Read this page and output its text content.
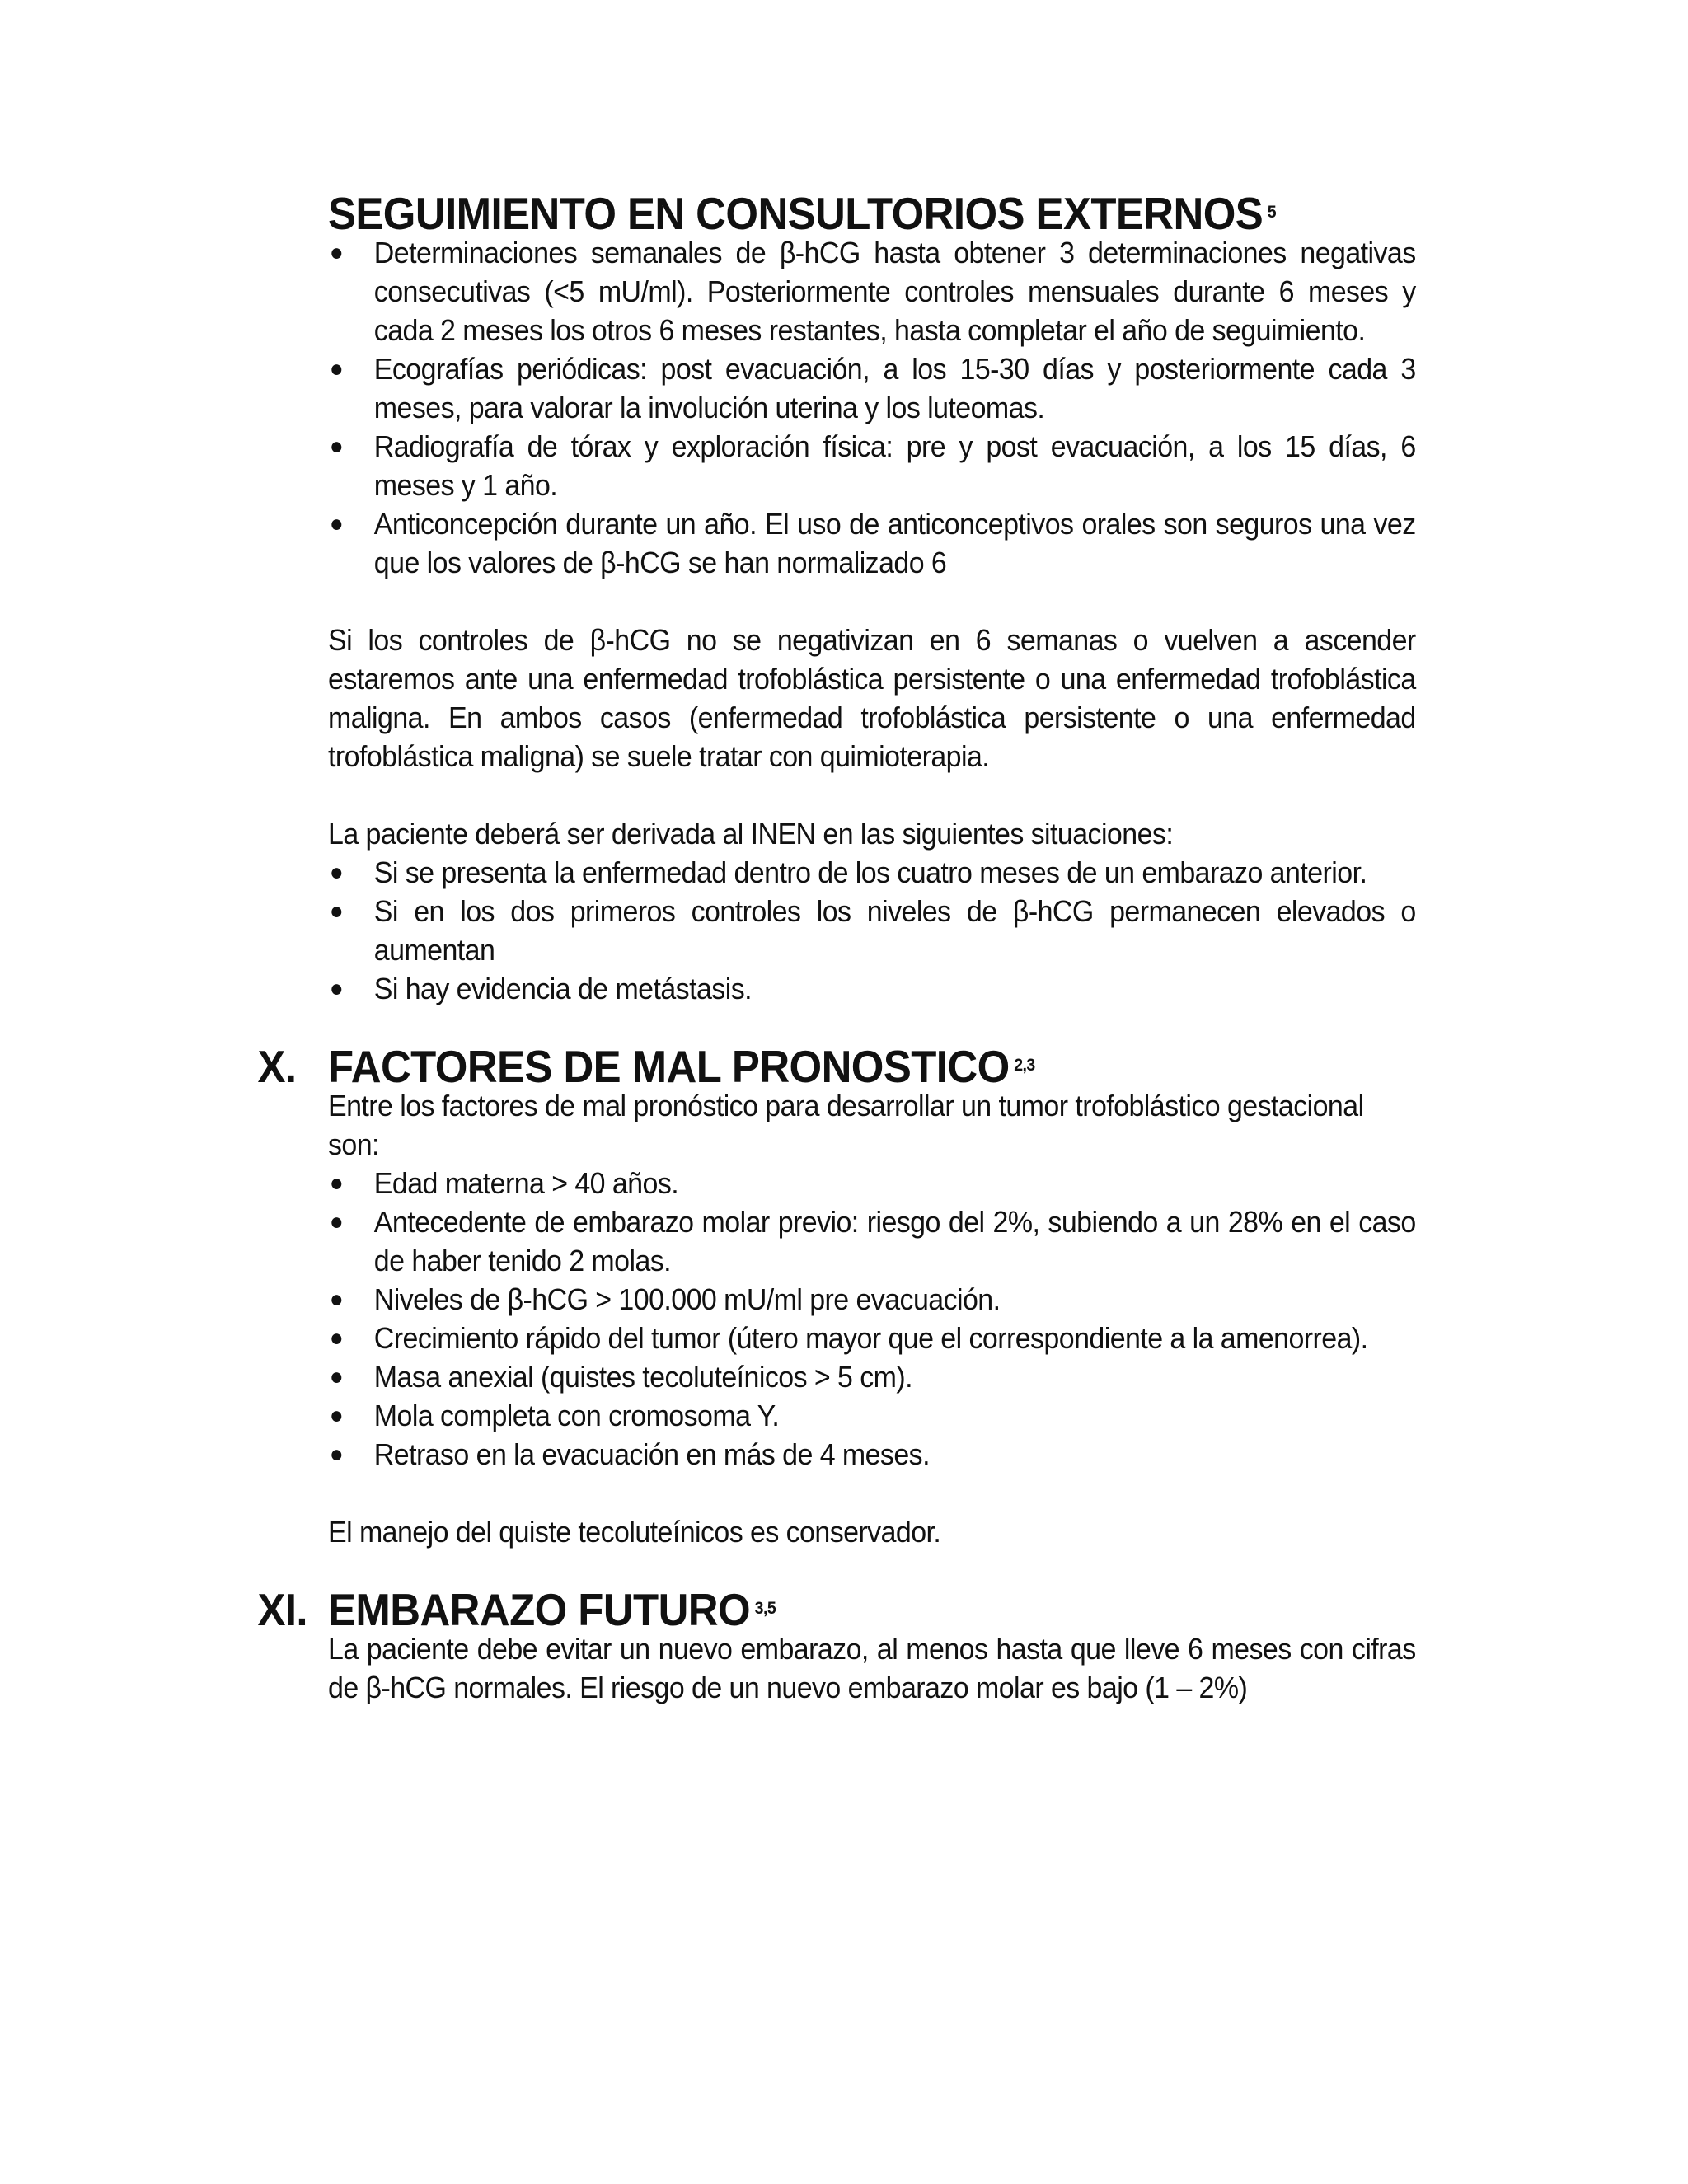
SEGUIMIENTO EN CONSULTORIOS EXTERNOS $^5$
● Determinaciones semanales de β-hCG hasta obtener 3 determinaciones negativas consecutivas (<5 mU/ml). Posteriormente controles mensuales durante 6 meses y cada 2 meses los otros 6 meses restantes, hasta completar el año de seguimiento.
● Ecografías periódicas: post evacuación, a los 15-30 días y posteriormente cada 3 meses, para valorar la involución uterina y los luteomas.
● Radiografía de tórax y exploración física: pre y post evacuación, a los 15 días, 6 meses y 1 año.
● Anticoncepción durante un año. El uso de anticonceptivos orales son seguros una vez que los valores de β-hCG se han normalizado 6

Si los controles de β-hCG no se negativizan en 6 semanas o vuelven a ascender estaremos ante una enfermedad trofoblástica persistente o una enfermedad trofoblástica maligna. En ambos casos (enfermedad trofoblástica persistente o una enfermedad trofoblástica maligna) se suele tratar con quimioterapia.

La paciente deberá ser derivada al INEN en las siguientes situaciones:

● Si se presenta la enfermedad dentro de los cuatro meses de un embarazo anterior.
● Si en los dos primeros controles los niveles de β-hCG permanecen elevados o aumentan
● Si hay evidencia de metástasis.
X. FACTORES DE MAL PRONOSTICO $^{2,3}$

Entre los factores de mal pronóstico para desarrollar un tumor trofoblástico gestacional son:

● Edad materna > 40 años.
● Antecedente de embarazo molar previo: riesgo del 2%, subiendo a un 28% en el caso de haber tenido 2 molas.
● Niveles de β-hCG > 100.000 mU/ml pre evacuación.
● Crecimiento rápido del tumor (útero mayor que el correspondiente a la amenorrea).
● Masa anexial (quistes tecoluteínicos > 5 cm).
● Mola completa con cromosoma Y.
● Retraso en la evacuación en más de 4 meses.

El manejo del quiste tecoluteínicos es conservador.

XI. EMBARAZO FUTURO $^{3,5}$

La paciente debe evitar un nuevo embarazo, al menos hasta que lleve 6 meses con cifras de β-hCG normales. El riesgo de un nuevo embarazo molar es bajo (1 – 2%)
